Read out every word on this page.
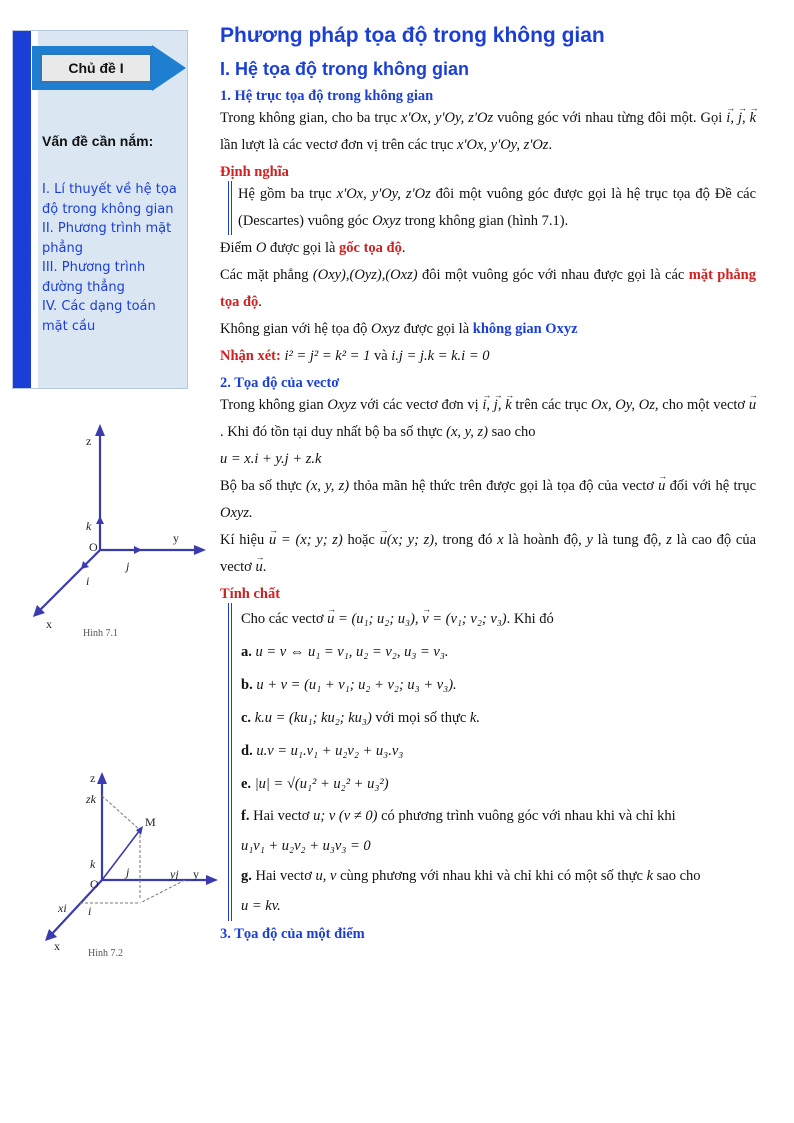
Chủ đề I
Vấn đề cần nắm:
I. Lí thuyết về hệ tọa độ trong không gian
II. Phương trình mặt phẳng
III. Phương trình đường thẳng
IV. Các dạng toán mặt cầu
z
y
x
O
k
j
i
Hình 7.1
z
zk
M
k
O
j	yj y
xi i
x
Hình 7.2
Phương pháp tọa độ trong không gian
I. Hệ tọa độ trong không gian
1. Hệ trục tọa độ trong không gian
Trong không gian, cho ba trục x'Ox, y'Oy, z'Oz vuông góc với nhau từng đôi một. Gọi → i, → j, → k lần lượt là các vectơ đơn vị trên các trục x'Ox, y'Oy, z'Oz.
Định nghĩa
Hệ gồm ba trục x'Ox, y'Oy, z'Oz đôi một vuông góc được gọi là hệ trục tọa độ Đề các (Descartes) vuông góc Oxyz trong không gian (hình 7.1).
Điểm O được gọi là gốc tọa độ.
Các mặt phẳng (Oxy),(Oyz),(Oxz) đôi một vuông góc với nhau được gọi là các mặt phẳng tọa độ.
Không gian với hệ tọa độ Oxyz được gọi là không gian Oxyz
Nhận xét: i² = j² = k² = 1 và i.j = j.k = k.i = 0
2. Tọa độ của vectơ
Trong không gian Oxyz với các vectơ đơn vị → i, → j, → k trên các trục Ox, Oy, Oz, cho một vectơ → u. Khi đó tồn tại duy nhất bộ ba số thực (x, y, z) sao cho
u = x.i + y.j + z.k
Bộ ba số thực (x, y, z) thỏa mãn hệ thức trên được gọi là tọa độ của vectơ → u đối với hệ trục Oxyz.
Kí hiệu → u = (x; y; z) hoặc → u(x; y; z), trong đó x là hoành độ, y là tung độ, z là cao độ của vectơ → u.
Tính chất
Cho các vectơ → u = (u₁; u₂; u₃), → v = (v₁; v₂; v₃). Khi đó
a. u = v ⇔ u₁ = v₁, u₂ = v₂, u₃ = v₃.
b. u + v = (u₁ + v₁; u₂ + v₂; u₃ + v₃).
c. k.u = (ku₁; ku₂; ku₃) với mọi số thực k.
d. u.v = u₁.v₁ + u₂v₂ + u₃.v₃
e. |u| = √(u₁² + u₂² + u₃²)
f. Hai vectơ u; v (v ≠ 0) có phương trình vuông góc với nhau khi và chỉ khi
u₁v₁ + u₂v₂ + u₃v₃ = 0
g. Hai vectơ u, v cùng phương với nhau khi và chỉ khi có một số thực k sao cho
u = kv.
3. Tọa độ của một điểm
